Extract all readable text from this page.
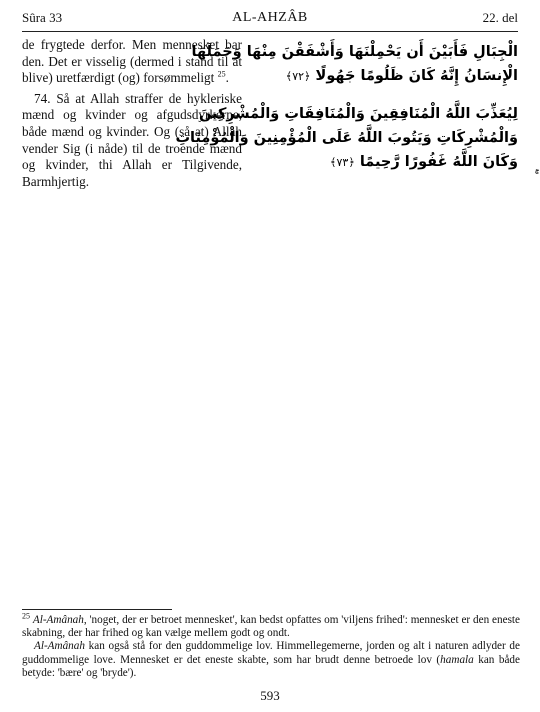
Sûra 33	AL-AHZÂB	22. del

de frygtede derfor. Men mennesket bar den. Det er visselig (dermed i stand til at blive) uretfærdigt (og) forsømmeligt $^{25}$.

74. Så at Allah straffer de hykleriske mænd og kvinder og afgudsdyrkerne, både mænd og kvinder. Og (så at) Allah vender Sig (i nåde) til de troende mænd og kvinder, thi Allah er Tilgivende, Barmhjertig.

الْجِبَالِ فَأَبَيْنَ أَن يَحْمِلْنَهَا وَأَشْفَقْنَ مِنْهَا وَحَمَلَهَا
الْإِنسَانُ إِنَّهُ كَانَ ظَلُومًا جَهُولًا ﴿٧٢﴾
لِيُعَذِّبَ اللَّهُ الْمُنَافِقِينَ وَالْمُنَافِقَاتِ وَالْمُشْرِكِينَ
وَالْمُشْرِكَاتِ وَيَتُوبَ اللَّهُ عَلَى الْمُؤْمِنِينَ وَالْمُؤْمِنَاتِ
وَكَانَ اللَّهُ غَفُورًا رَّحِيمًا ﴿٧٣﴾

$^{25}$ Al-Amânah, 'noget, der er betroet mennesket', kan bedst opfattes om 'viljens frihed': mennesket er den eneste skabning, der har frihed og kan vælge mellem godt og ondt.

Al-Amânah kan også stå for den guddommelige lov. Himmellegemerne, jorden og alt i naturen adlyder de guddommelige love. Mennesket er det eneste skabte, som har brudt denne betroede lov (hamala kan både betyde: 'bære' og 'bryde').

593
